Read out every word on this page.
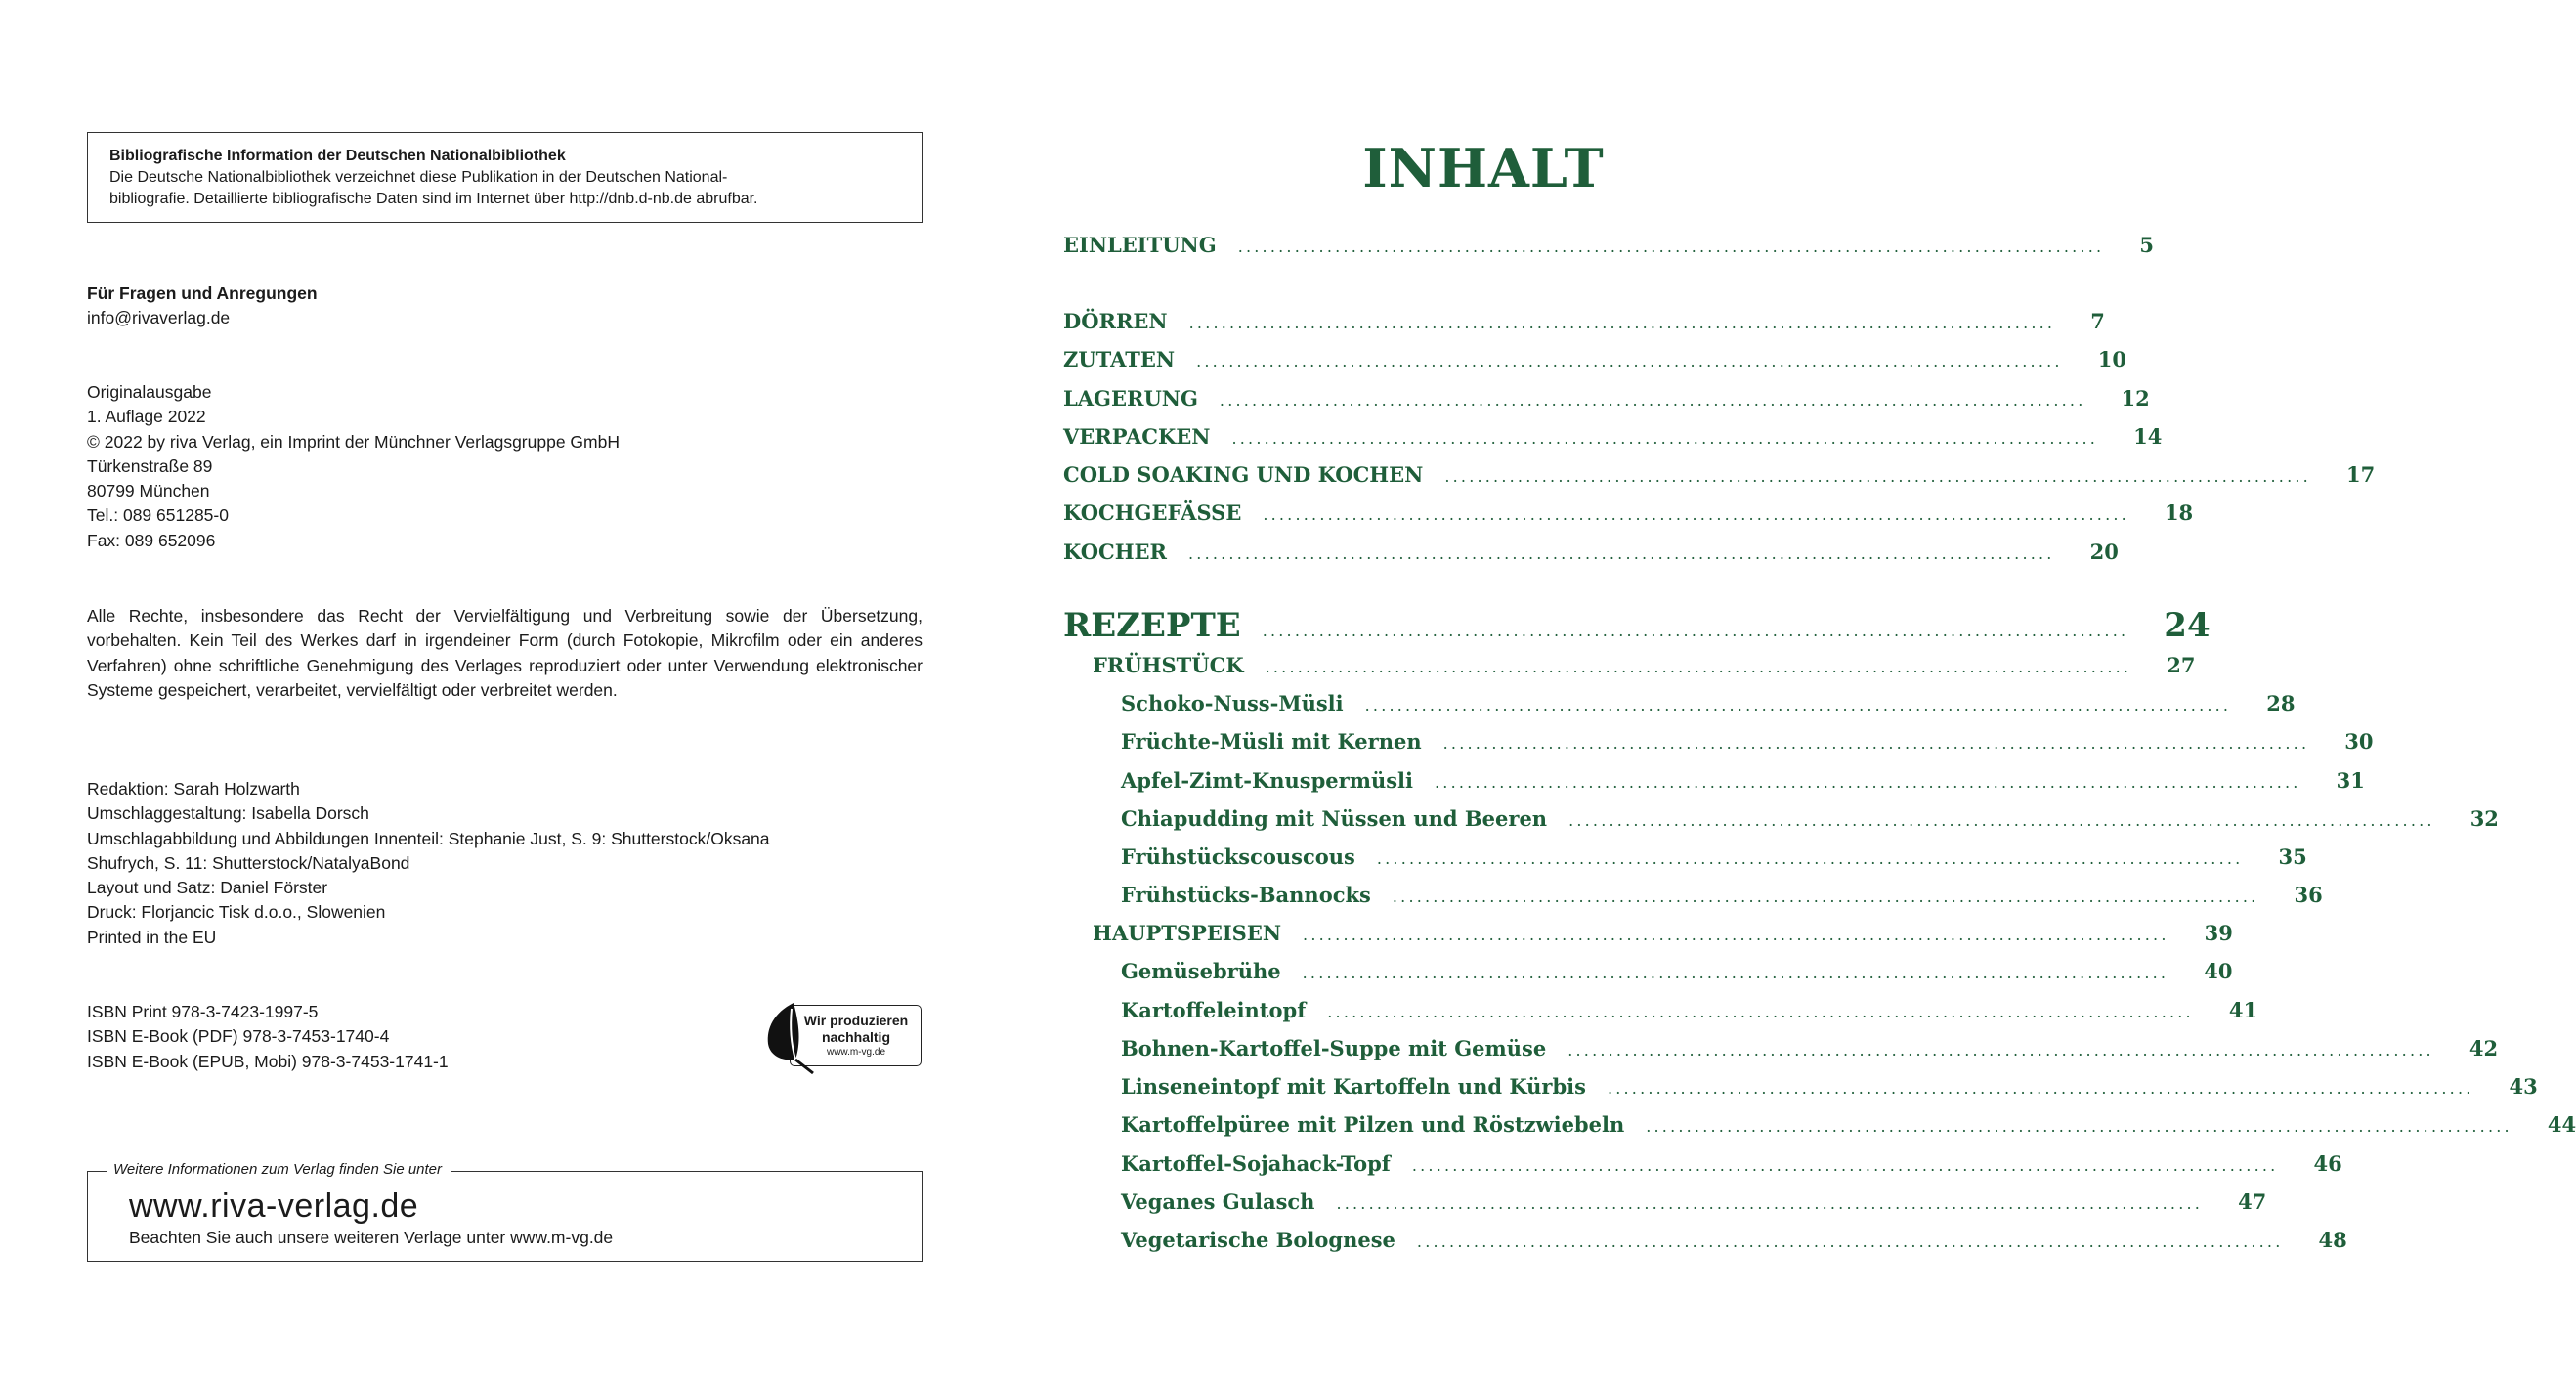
Bibliografische Information der Deutschen Nationalbibliothek
Die Deutsche Nationalbibliothek verzeichnet diese Publikation in der Deutschen National-
bibliografie. Detaillierte bibliografische Daten sind im Internet über http://dnb.d-nb.de abrufbar.
Für Fragen und Anregungen
info@rivaverlag.de
Originalausgabe
1. Auflage 2022
© 2022 by riva Verlag, ein Imprint der Münchner Verlagsgruppe GmbH
Türkenstraße 89
80799 München
Tel.: 089 651285-0
Fax: 089 652096
Alle Rechte, insbesondere das Recht der Vervielfältigung und Verbreitung sowie der Übersetzung, vorbehalten. Kein Teil des Werkes darf in irgendeiner Form (durch Fotokopie, Mikrofilm oder ein anderes Verfahren) ohne schriftliche Genehmigung des Verlages reproduziert oder unter Verwendung elektronischer Systeme gespeichert, verarbeitet, vervielfältigt oder verbreitet werden.
Redaktion: Sarah Holzwarth
Umschlaggestaltung: Isabella Dorsch
Umschlagabbildung und Abbildungen Innenteil: Stephanie Just, S. 9: Shutterstock/Oksana
Shufrych, S. 11: Shutterstock/NatalyaBond
Layout und Satz: Daniel Förster
Druck: Florjancic Tisk d.o.o., Slowenien
Printed in the EU
ISBN Print 978-3-7423-1997-5
ISBN E-Book (PDF) 978-3-7453-1740-4
ISBN E-Book (EPUB, Mobi) 978-3-7453-1741-1
Wir produzieren
nachhaltig
www.m-vg.de
Weitere Informationen zum Verlag finden Sie unter
www.riva-verlag.de
Beachten Sie auch unsere weiteren Verlage unter www.m-vg.de
INHALT
EINLEITUNG ........................................................................................................... 5
DÖRREN ........................................................................................................... 7
ZUTATEN ........................................................................................................... 10
LAGERUNG ........................................................................................................... 12
VERPACKEN ........................................................................................................... 14
COLD SOAKING UND KOCHEN ........................................................................................................... 17
KOCHGEFÄSSE ........................................................................................................... 18
KOCHER ........................................................................................................... 20
REZEPTE ........................................................................................................... 24
FRÜHSTÜCK ........................................................................................................... 27
Schoko-Nuss-Müsli ........................................................................................................... 28
Früchte-Müsli mit Kernen ........................................................................................................... 30
Apfel-Zimt-Knuspermüsli ........................................................................................................... 31
Chiapudding mit Nüssen und Beeren ........................................................................................................... 32
Frühstückscouscous ........................................................................................................... 35
Frühstücks-Bannocks ........................................................................................................... 36
HAUPTSPEISEN ........................................................................................................... 39
Gemüsebrühe ........................................................................................................... 40
Kartoffeleintopf ........................................................................................................... 41
Bohnen-Kartoffel-Suppe mit Gemüse ........................................................................................................... 42
Linseneintopf mit Kartoffeln und Kürbis ........................................................................................................... 43
Kartoffelpüree mit Pilzen und Röstzwiebeln ........................................................................................................... 44
Kartoffel-Sojahack-Topf ........................................................................................................... 46
Veganes Gulasch ........................................................................................................... 47
Vegetarische Bolognese ........................................................................................................... 48
